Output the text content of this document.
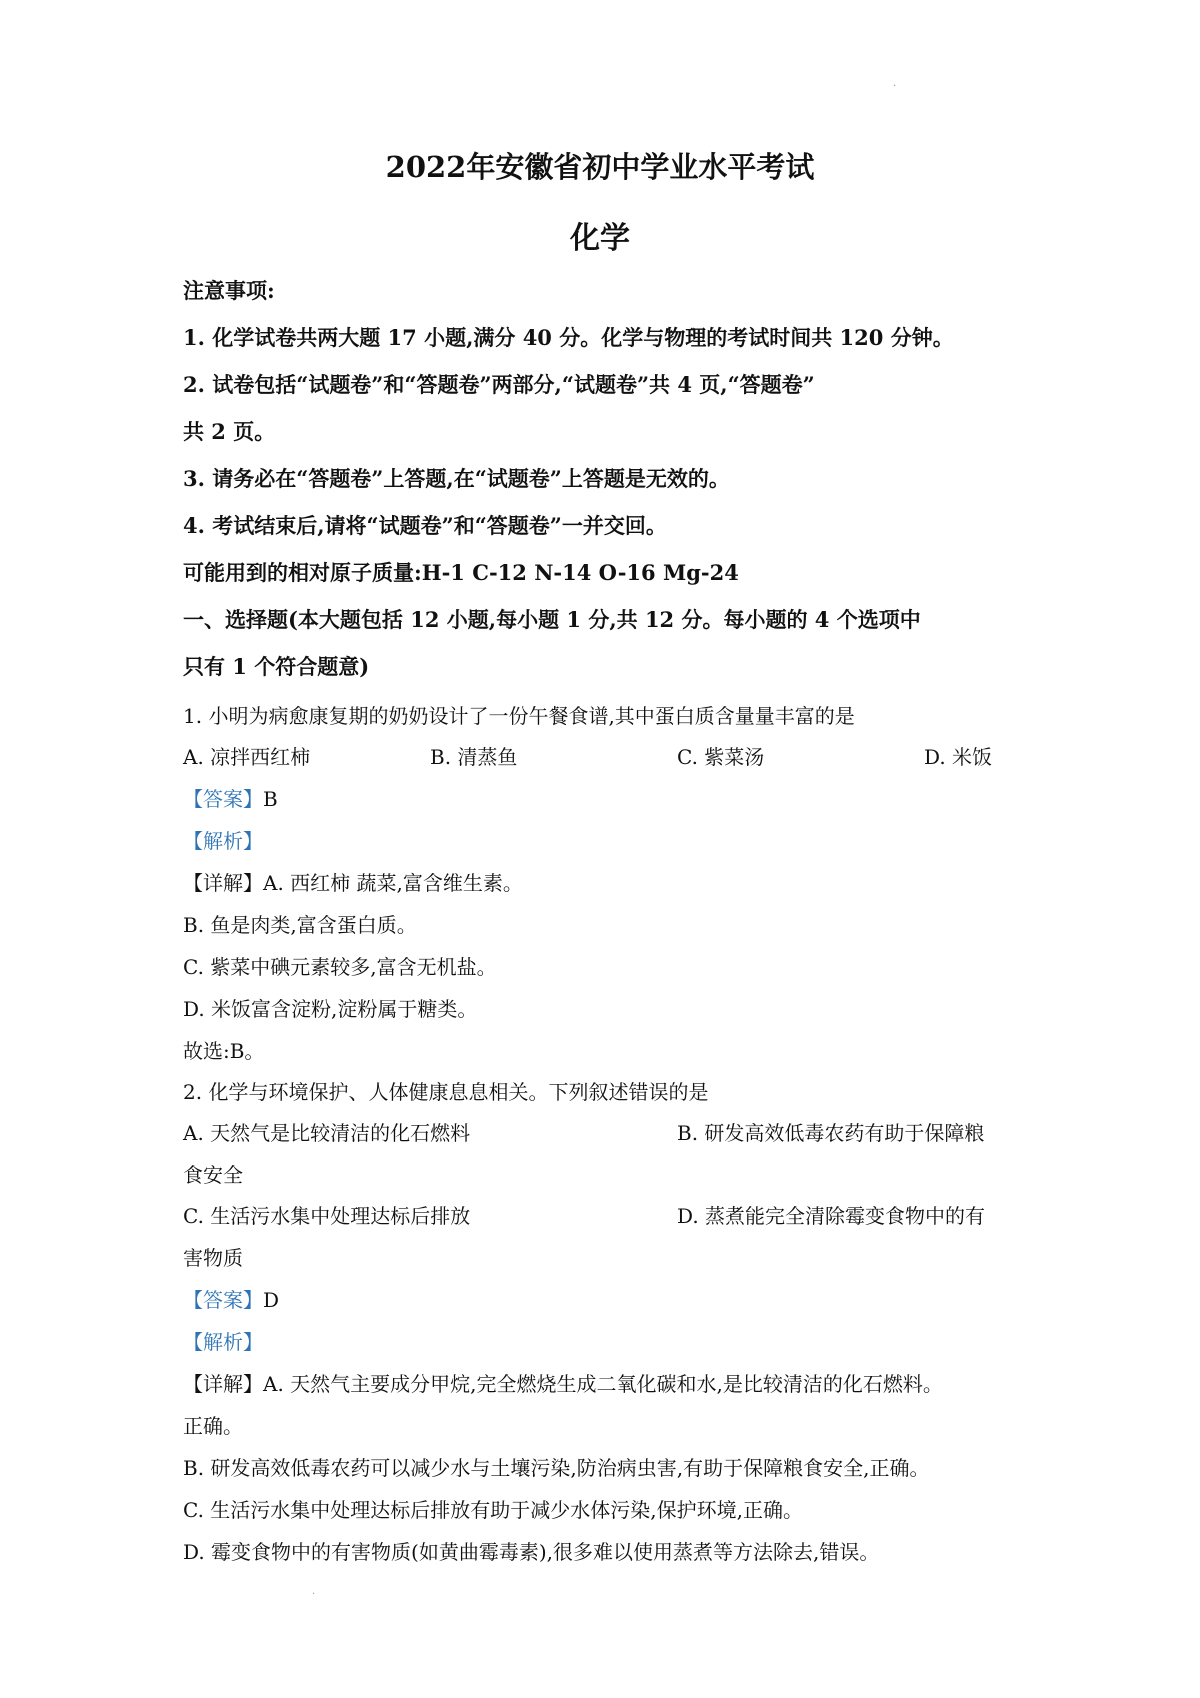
·
2022年安徽省初中学业水平考试
化学
注意事项:
1. 化学试卷共两大题 17 小题,满分 40 分。化学与物理的考试时间共 120 分钟。
2. 试卷包括“试题卷”和“答题卷”两部分,“试题卷”共 4 页,“答题卷”
共 2 页。
3. 请务必在“答题卷”上答题,在“试题卷”上答题是无效的。
4. 考试结束后,请将“试题卷”和“答题卷”一并交回。
可能用到的相对原子质量:H-1 C-12 N-14 O-16 Mg-24
一、选择题(本大题包括 12 小题,每小题 1 分,共 12 分。每小题的 4 个选项中
只有 1 个符合题意)
1. 小明为病愈康复期的奶奶设计了一份午餐食谱,其中蛋白质含量量丰富的是
A. 凉拌西红柿	B. 清蒸鱼	C. 紫菜汤	D. 米饭
【答案】B
【解析】
【详解】A. 西红柿 蔬菜,富含维生素。
B. 鱼是肉类,富含蛋白质。
C. 紫菜中碘元素较多,富含无机盐。
D. 米饭富含淀粉,淀粉属于糖类。
故选:B。
2. 化学与环境保护、人体健康息息相关。下列叙述错误的是
A. 天然气是比较清洁的化石燃料	B. 研发高效低毒农药有助于保障粮
食安全
C. 生活污水集中处理达标后排放	D. 蒸煮能完全清除霉变食物中的有
害物质
【答案】D
【解析】
【详解】A. 天然气主要成分甲烷,完全燃烧生成二氧化碳和水,是比较清洁的化石燃料。
正确。
B. 研发高效低毒农药可以减少水与土壤污染,防治病虫害,有助于保障粮食安全,正确。
C. 生活污水集中处理达标后排放有助于减少水体污染,保护环境,正确。
D. 霉变食物中的有害物质(如黄曲霉毒素),很多难以使用蒸煮等方法除去,错误。
·
